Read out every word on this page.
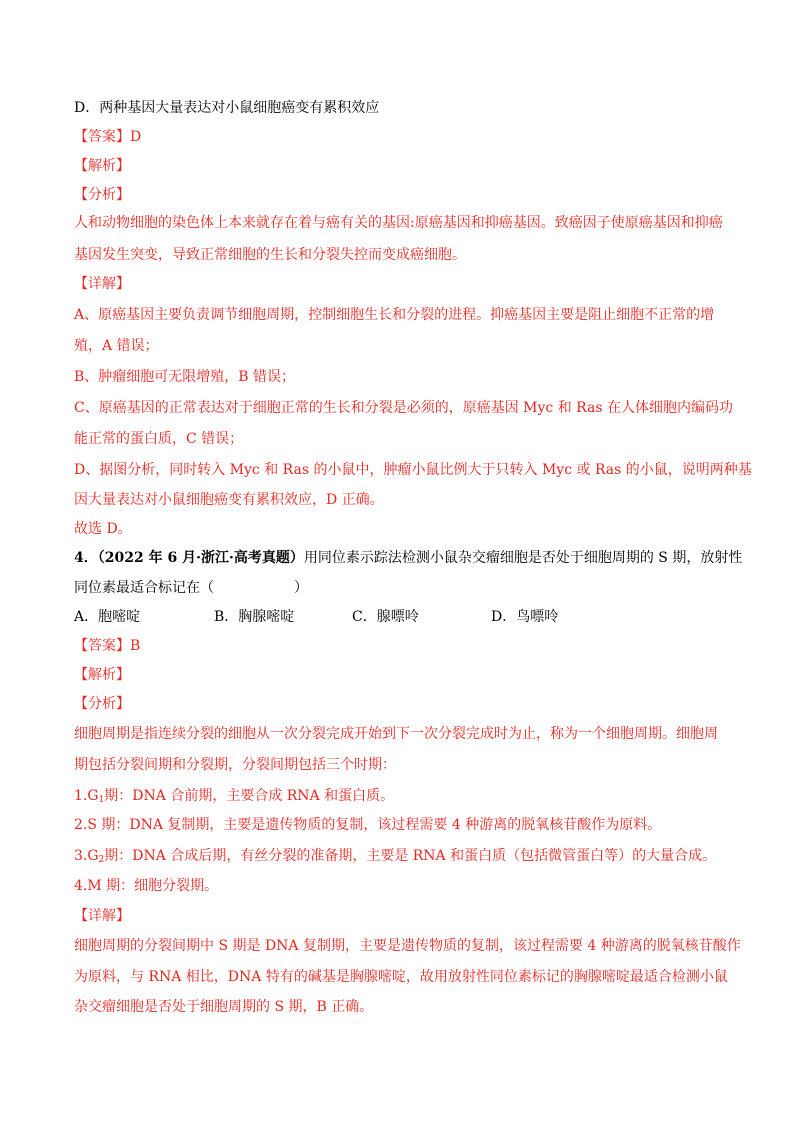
D．两种基因大量表达对小鼠细胞癌变有累积效应
【答案】D
【解析】
【分析】
人和动物细胞的染色体上本来就存在着与癌有关的基因:原癌基因和抑癌基因。致癌因子使原癌基因和抑癌
基因发生突变，导致正常细胞的生长和分裂失控而变成癌细胞。
【详解】
A、原癌基因主要负责调节细胞周期，控制细胞生长和分裂的进程。抑癌基因主要是阻止细胞不正常的增
殖，A 错误；
B、肿瘤细胞可无限增殖，B 错误；
C、原癌基因的正常表达对于细胞正常的生长和分裂是必须的，原癌基因 Myc 和 Ras 在人体细胞内编码功
能正常的蛋白质，C 错误；
D、据图分析，同时转入 Myc 和 Ras 的小鼠中，肿瘤小鼠比例大于只转入 Myc 或 Ras 的小鼠，说明两种基
因大量表达对小鼠细胞癌变有累积效应，D 正确。
故选 D。
4．（2022 年 6 月·浙江·高考真题）用同位素示踪法检测小鼠杂交瘤细胞是否处于细胞周期的 S 期，放射性
同位素最适合标记在（	）
A．胞嘧啶	B．胸腺嘧啶	C．腺嘌呤	D．鸟嘌呤
【答案】B
【解析】
【分析】
细胞周期是指连续分裂的细胞从一次分裂完成开始到下一次分裂完成时为止，称为一个细胞周期。细胞周
期包括分裂间期和分裂期，分裂间期包括三个时期：
$1.G_1$期：DNA 合前期，主要合成 RNA 和蛋白质。
2.S 期：DNA 复制期，主要是遗传物质的复制，该过程需要 4 种游离的脱氧核苷酸作为原料。
$3.G_2$期：DNA 合成后期，有丝分裂的准备期，主要是 RNA 和蛋白质（包括微管蛋白等）的大量合成。
4.M 期：细胞分裂期。
【详解】
细胞周期的分裂间期中 S 期是 DNA 复制期，主要是遗传物质的复制，该过程需要 4 种游离的脱氧核苷酸作
为原料，与 RNA 相比，DNA 特有的碱基是胸腺嘧啶，故用放射性同位素标记的胸腺嘧啶最适合检测小鼠
杂交瘤细胞是否处于细胞周期的 S 期，B 正确。
